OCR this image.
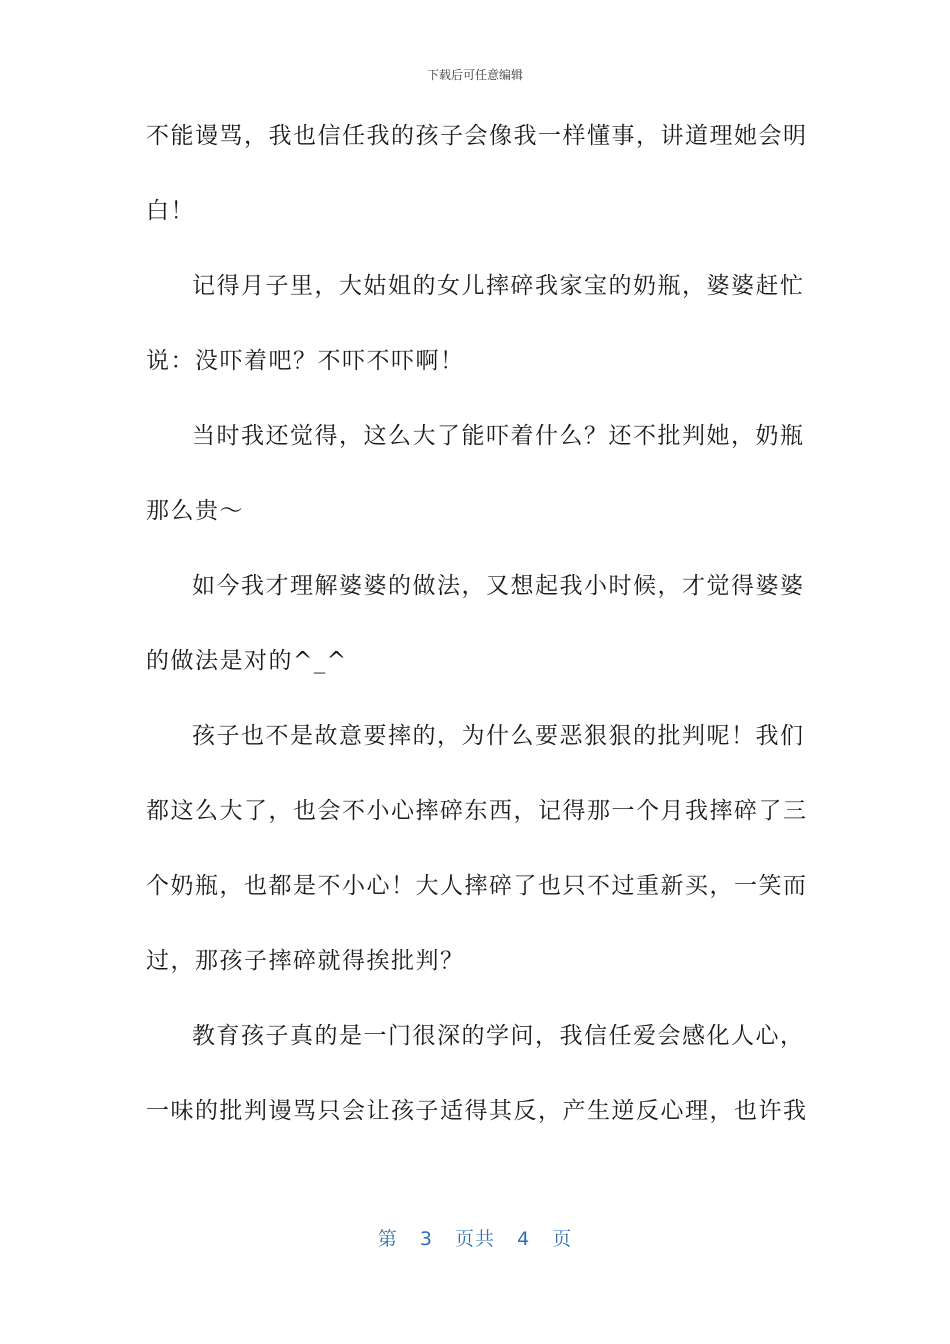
下载后可任意编辑
不能谩骂，我也信任我的孩子会像我一样懂事，讲道理她会明
白！
记得月子里，大姑姐的女儿摔碎我家宝的奶瓶，婆婆赶忙
说：没吓着吧？不吓不吓啊！
当时我还觉得，这么大了能吓着什么？还不批判她，奶瓶
那么贵～
如今我才理解婆婆的做法，又想起我小时候，才觉得婆婆
的做法是对的^_^
孩子也不是故意要摔的，为什么要恶狠狠的批判呢！我们
都这么大了，也会不小心摔碎东西，记得那一个月我摔碎了三
个奶瓶，也都是不小心！大人摔碎了也只不过重新买，一笑而
过，那孩子摔碎就得挨批判？
教育孩子真的是一门很深的学问，我信任爱会感化人心，
一味的批判谩骂只会让孩子适得其反，产生逆反心理，也许我
第  3  页共  4  页
